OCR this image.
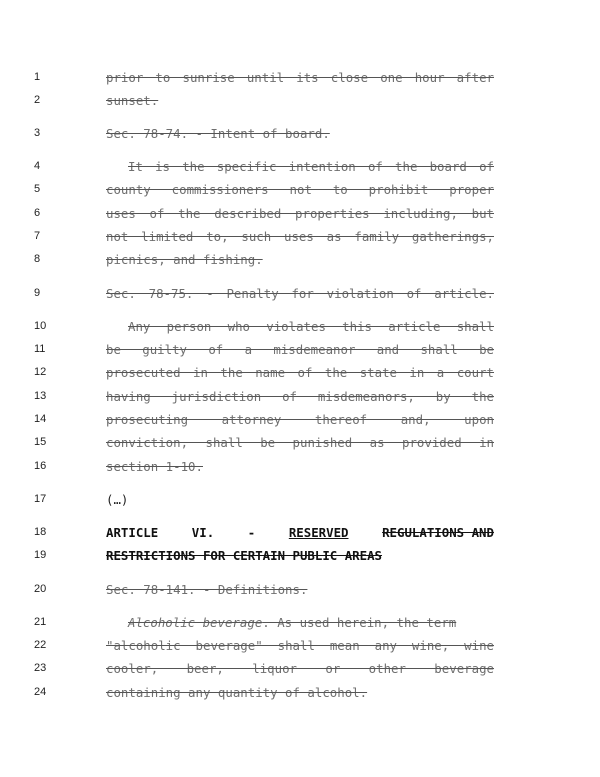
1	prior to sunrise until its close one hour after
2	sunset.
3	Sec. 78-74. - Intent of board.
4	It is the specific intention of the board of
5	county commissioners not to prohibit proper
6	uses of the described properties including, but
7	not limited to, such uses as family gatherings,
8	picnics, and fishing.
9	Sec. 78-75. - Penalty for violation of article.
10	Any person who violates this article shall
11	be guilty of a misdemeanor and shall be
12	prosecuted in the name of the state in a court
13	having jurisdiction of misdemeanors, by the
14	prosecuting attorney thereof and, upon
15	conviction, shall be punished as provided in
16	section 1-10.
17	(…)
18	ARTICLE	VI.	-	RESERVED	REGULATIONS AND
19	RESTRICTIONS FOR CERTAIN PUBLIC AREAS
20	Sec. 78-141. - Definitions.
21	Alcoholic beverage. As used herein, the term
22	"alcoholic beverage" shall mean any wine, wine
23	cooler, beer, liquor or other beverage
24	containing any quantity of alcohol.
